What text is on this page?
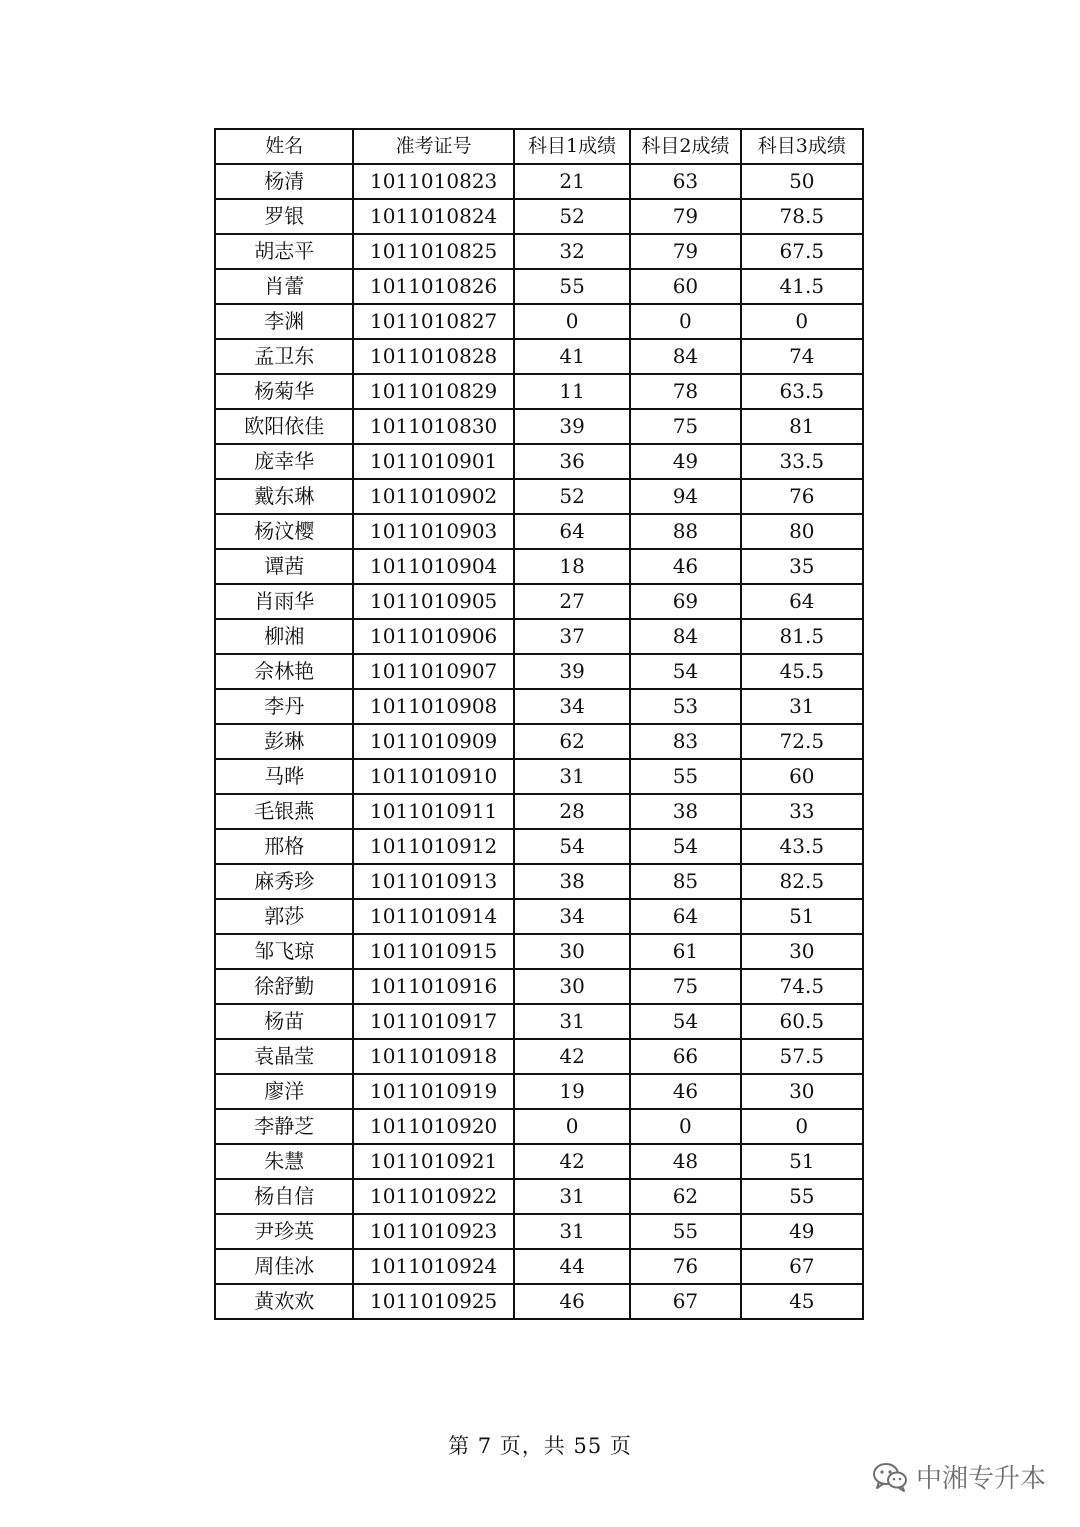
姓名	准考证号	科目1成绩	科目2成绩	科目3成绩
杨清	1011010823	21	63	50
罗银	1011010824	52	79	78.5
胡志平	1011010825	32	79	67.5
肖蕾	1011010826	55	60	41.5
李渊	1011010827	0	0	0
孟卫东	1011010828	41	84	74
杨菊华	1011010829	11	78	63.5
欧阳依佳	1011010830	39	75	81
庞幸华	1011010901	36	49	33.5
戴东琳	1011010902	52	94	76
杨汶樱	1011010903	64	88	80
谭茜	1011010904	18	46	35
肖雨华	1011010905	27	69	64
柳湘	1011010906	37	84	81.5
佘林艳	1011010907	39	54	45.5
李丹	1011010908	34	53	31
彭琳	1011010909	62	83	72.5
马晔	1011010910	31	55	60
毛银燕	1011010911	28	38	33
邢格	1011010912	54	54	43.5
麻秀珍	1011010913	38	85	82.5
郭莎	1011010914	34	64	51
邹飞琼	1011010915	30	61	30
徐舒勤	1011010916	30	75	74.5
杨苗	1011010917	31	54	60.5
袁晶莹	1011010918	42	66	57.5
廖洋	1011010919	19	46	30
李静芝	1011010920	0	0	0
朱慧	1011010921	42	48	51
杨自信	1011010922	31	62	55
尹珍英	1011010923	31	55	49
周佳冰	1011010924	44	76	67
黄欢欢	1011010925	46	67	45
第 7 页，共 55 页
中湘专升本
